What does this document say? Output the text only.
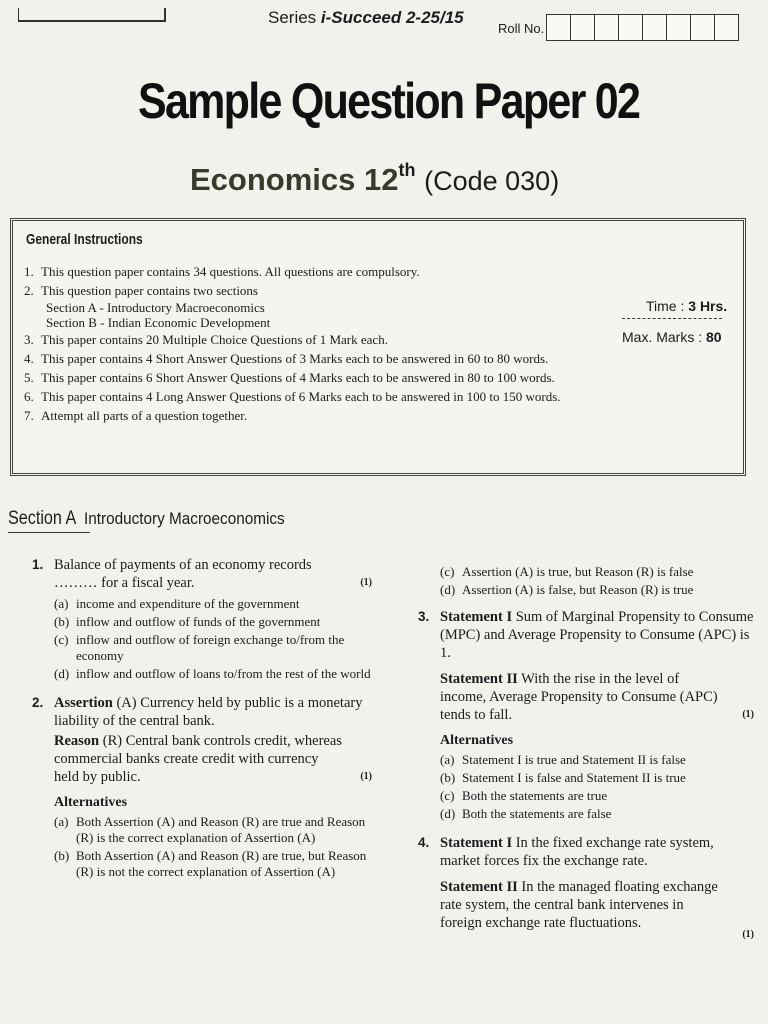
Series i-Succeed 2-25/15
Roll No.
Sample Question Paper 02
Economics 12th (Code 030)
General Instructions
1. This question paper contains 34 questions. All questions are compulsory.
2. This question paper contains two sections
Section A - Introductory Macroeconomics
Section B - Indian Economic Development
3. This paper contains 20 Multiple Choice Questions of 1 Mark each.
4. This paper contains 4 Short Answer Questions of 3 Marks each to be answered in 60 to 80 words.
5. This paper contains 6 Short Answer Questions of 4 Marks each to be answered in 80 to 100 words.
6. This paper contains 4 Long Answer Questions of 6 Marks each to be answered in 100 to 150 words.
7. Attempt all parts of a question together.
Time : 3 Hrs.
Max. Marks : 80
Section A Introductory Macroeconomics
1. Balance of payments of an economy records ……… for a fiscal year.	(1)
(a) income and expenditure of the government
(b) inflow and outflow of funds of the government
(c) inflow and outflow of foreign exchange to/from the economy
(d) inflow and outflow of loans to/from the rest of the world
2. Assertion (A) Currency held by public is a monetary liability of the central bank.
Reason (R) Central bank controls credit, whereas commercial banks create credit with currency held by public.	(1)
Alternatives
(a) Both Assertion (A) and Reason (R) are true and Reason (R) is the correct explanation of Assertion (A)
(b) Both Assertion (A) and Reason (R) are true, but Reason (R) is not the correct explanation of Assertion (A)
(c) Assertion (A) is true, but Reason (R) is false
(d) Assertion (A) is false, but Reason (R) is true
3. Statement I Sum of Marginal Propensity to Consume (MPC) and Average Propensity to Consume (APC) is 1.
Statement II With the rise in the level of income, Average Propensity to Consume (APC) tends to fall.	(1)
Alternatives
(a) Statement I is true and Statement II is false
(b) Statement I is false and Statement II is true
(c) Both the statements are true
(d) Both the statements are false
4. Statement I In the fixed exchange rate system, market forces fix the exchange rate.
Statement II In the managed floating exchange rate system, the central bank intervenes in foreign exchange rate fluctuations.
(1)
